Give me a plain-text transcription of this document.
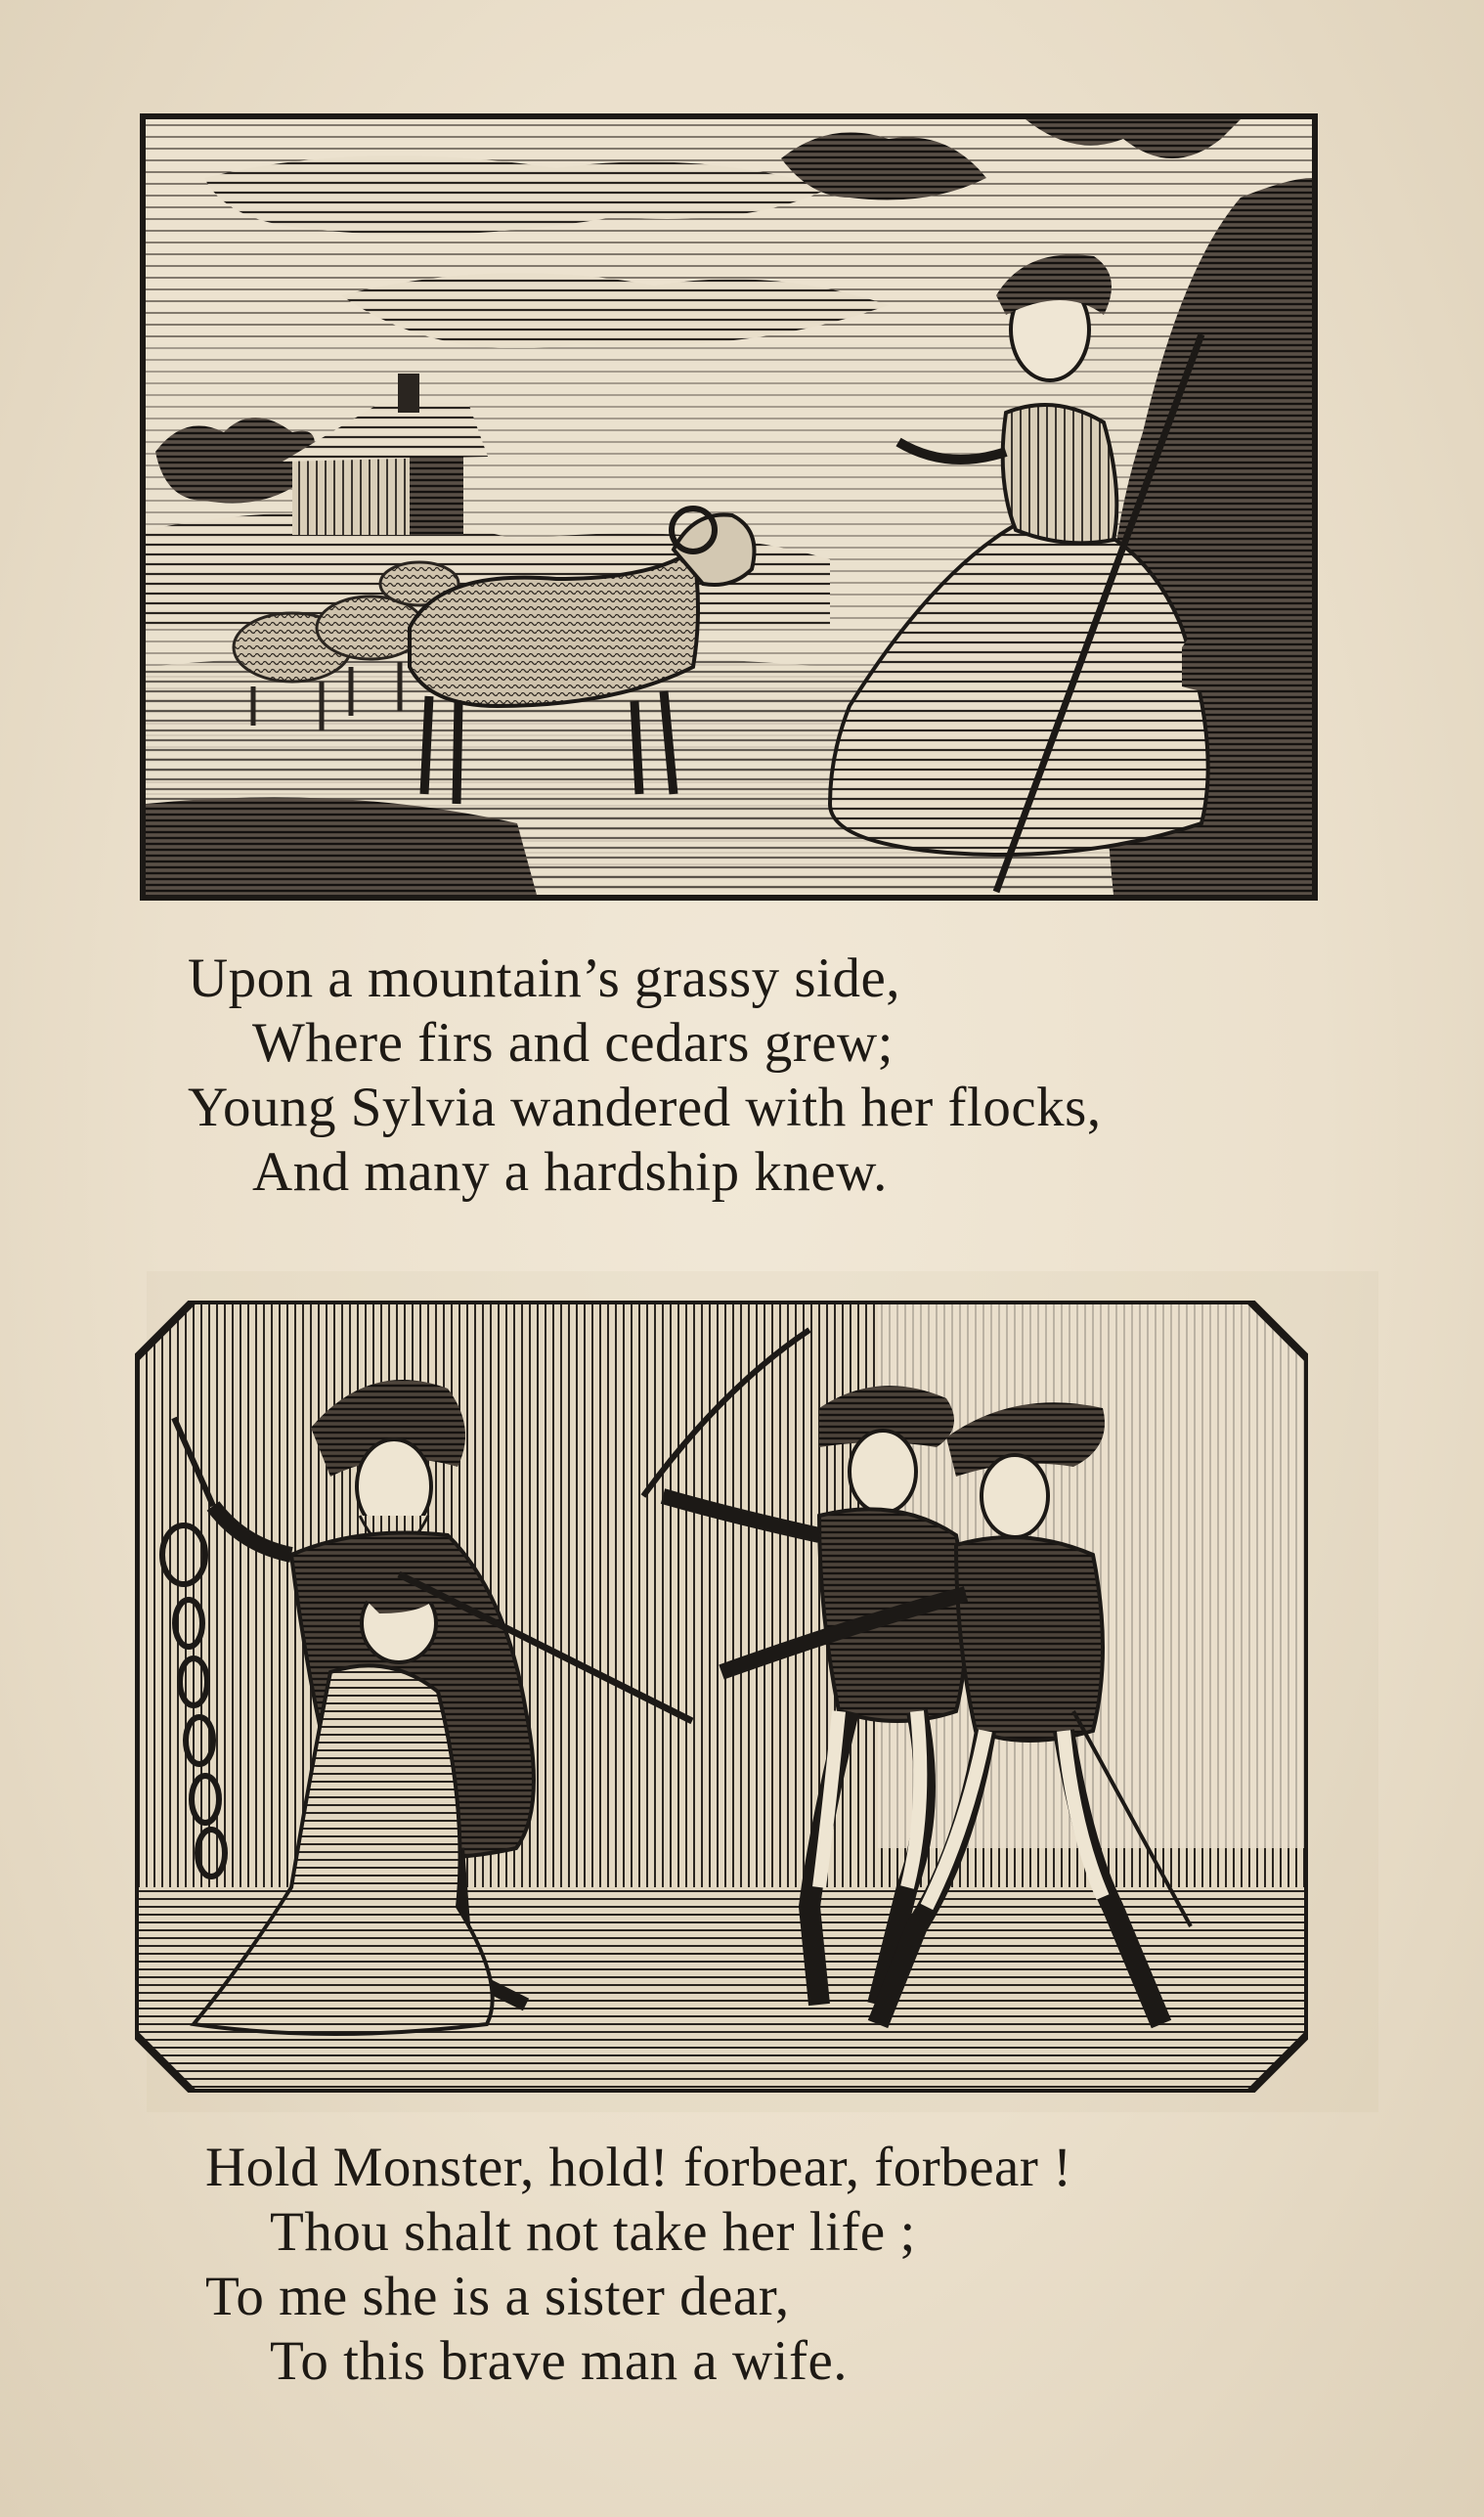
Upon a mountain’s grassy side,
Where firs and cedars grew;
Young Sylvia wandered with her flocks,
And many a hardship knew.
Hold Monster, hold! forbear, forbear !
Thou shalt not take her life ;
To me she is a sister dear,
To this brave man a wife.
